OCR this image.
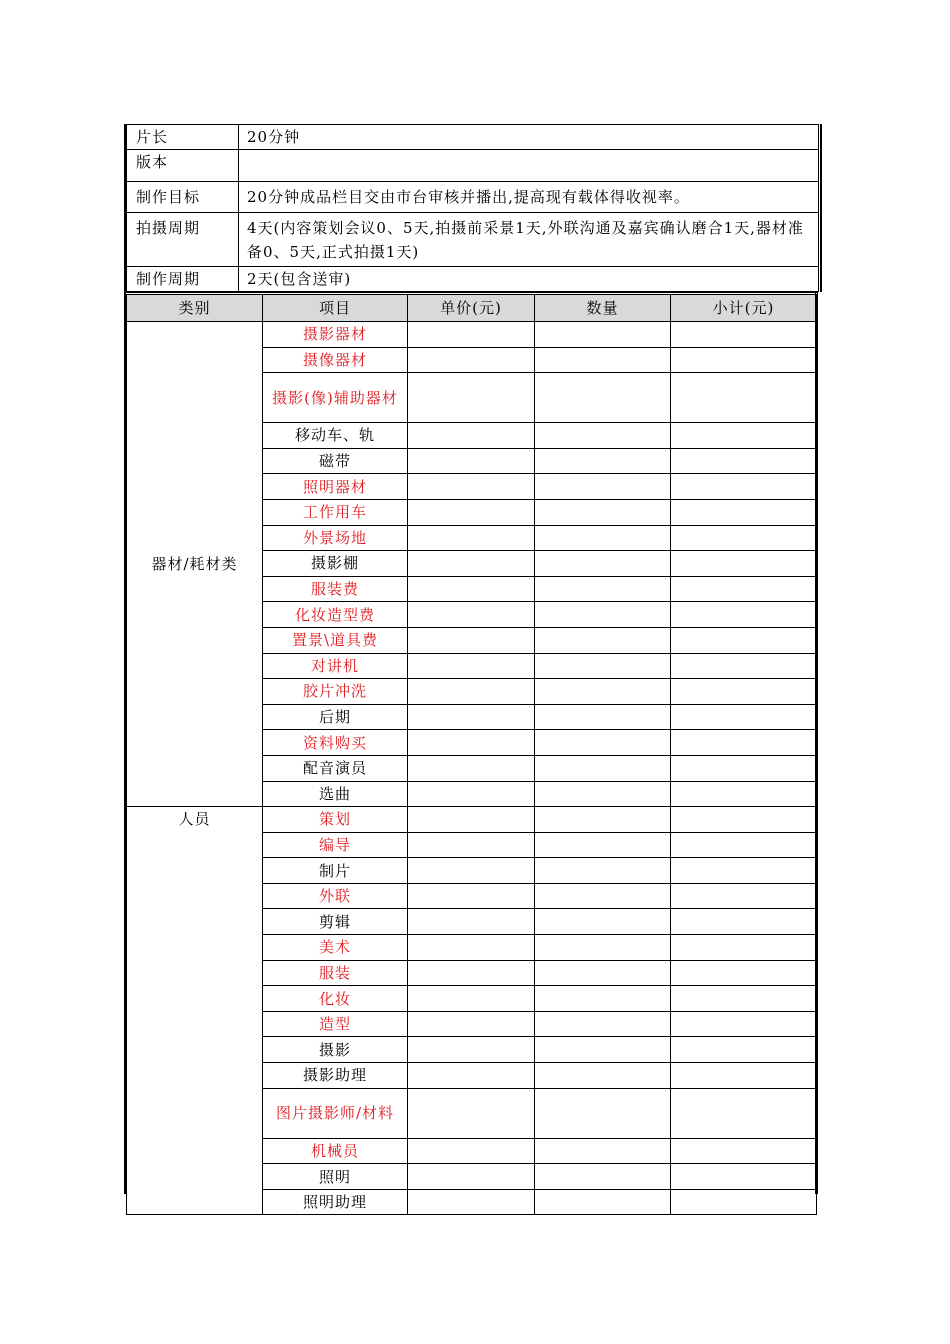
片长	20分钟
版本	
制作目标	20分钟成品栏目交由市台审核并播出,提高现有载体得收视率。
拍摄周期	4天(内容策划会议0、5天,拍摄前采景1天,外联沟通及嘉宾确认磨合1天,器材准备0、5天,正式拍摄1天)
制作周期	2天(包含送审)
类别	项目	单价(元)	数量	小计(元)
器材/耗材类	摄影器材			
	摄像器材			
	摄影(像)辅助器材			
	移动车、轨			
	磁带			
	照明器材			
	工作用车			
	外景场地			
	摄影棚			
	服装费			
	化妆造型费			
	置景\道具费			
	对讲机			
	胶片冲洗			
	后期			
	资料购买			
	配音演员			
	选曲			
人员	策划			
	编导			
	制片			
	外联			
	剪辑			
	美术			
	服装			
	化妆			
	造型			
	摄影			
	摄影助理			
	图片摄影师/材料			
	机械员			
	照明			
	照明助理			
